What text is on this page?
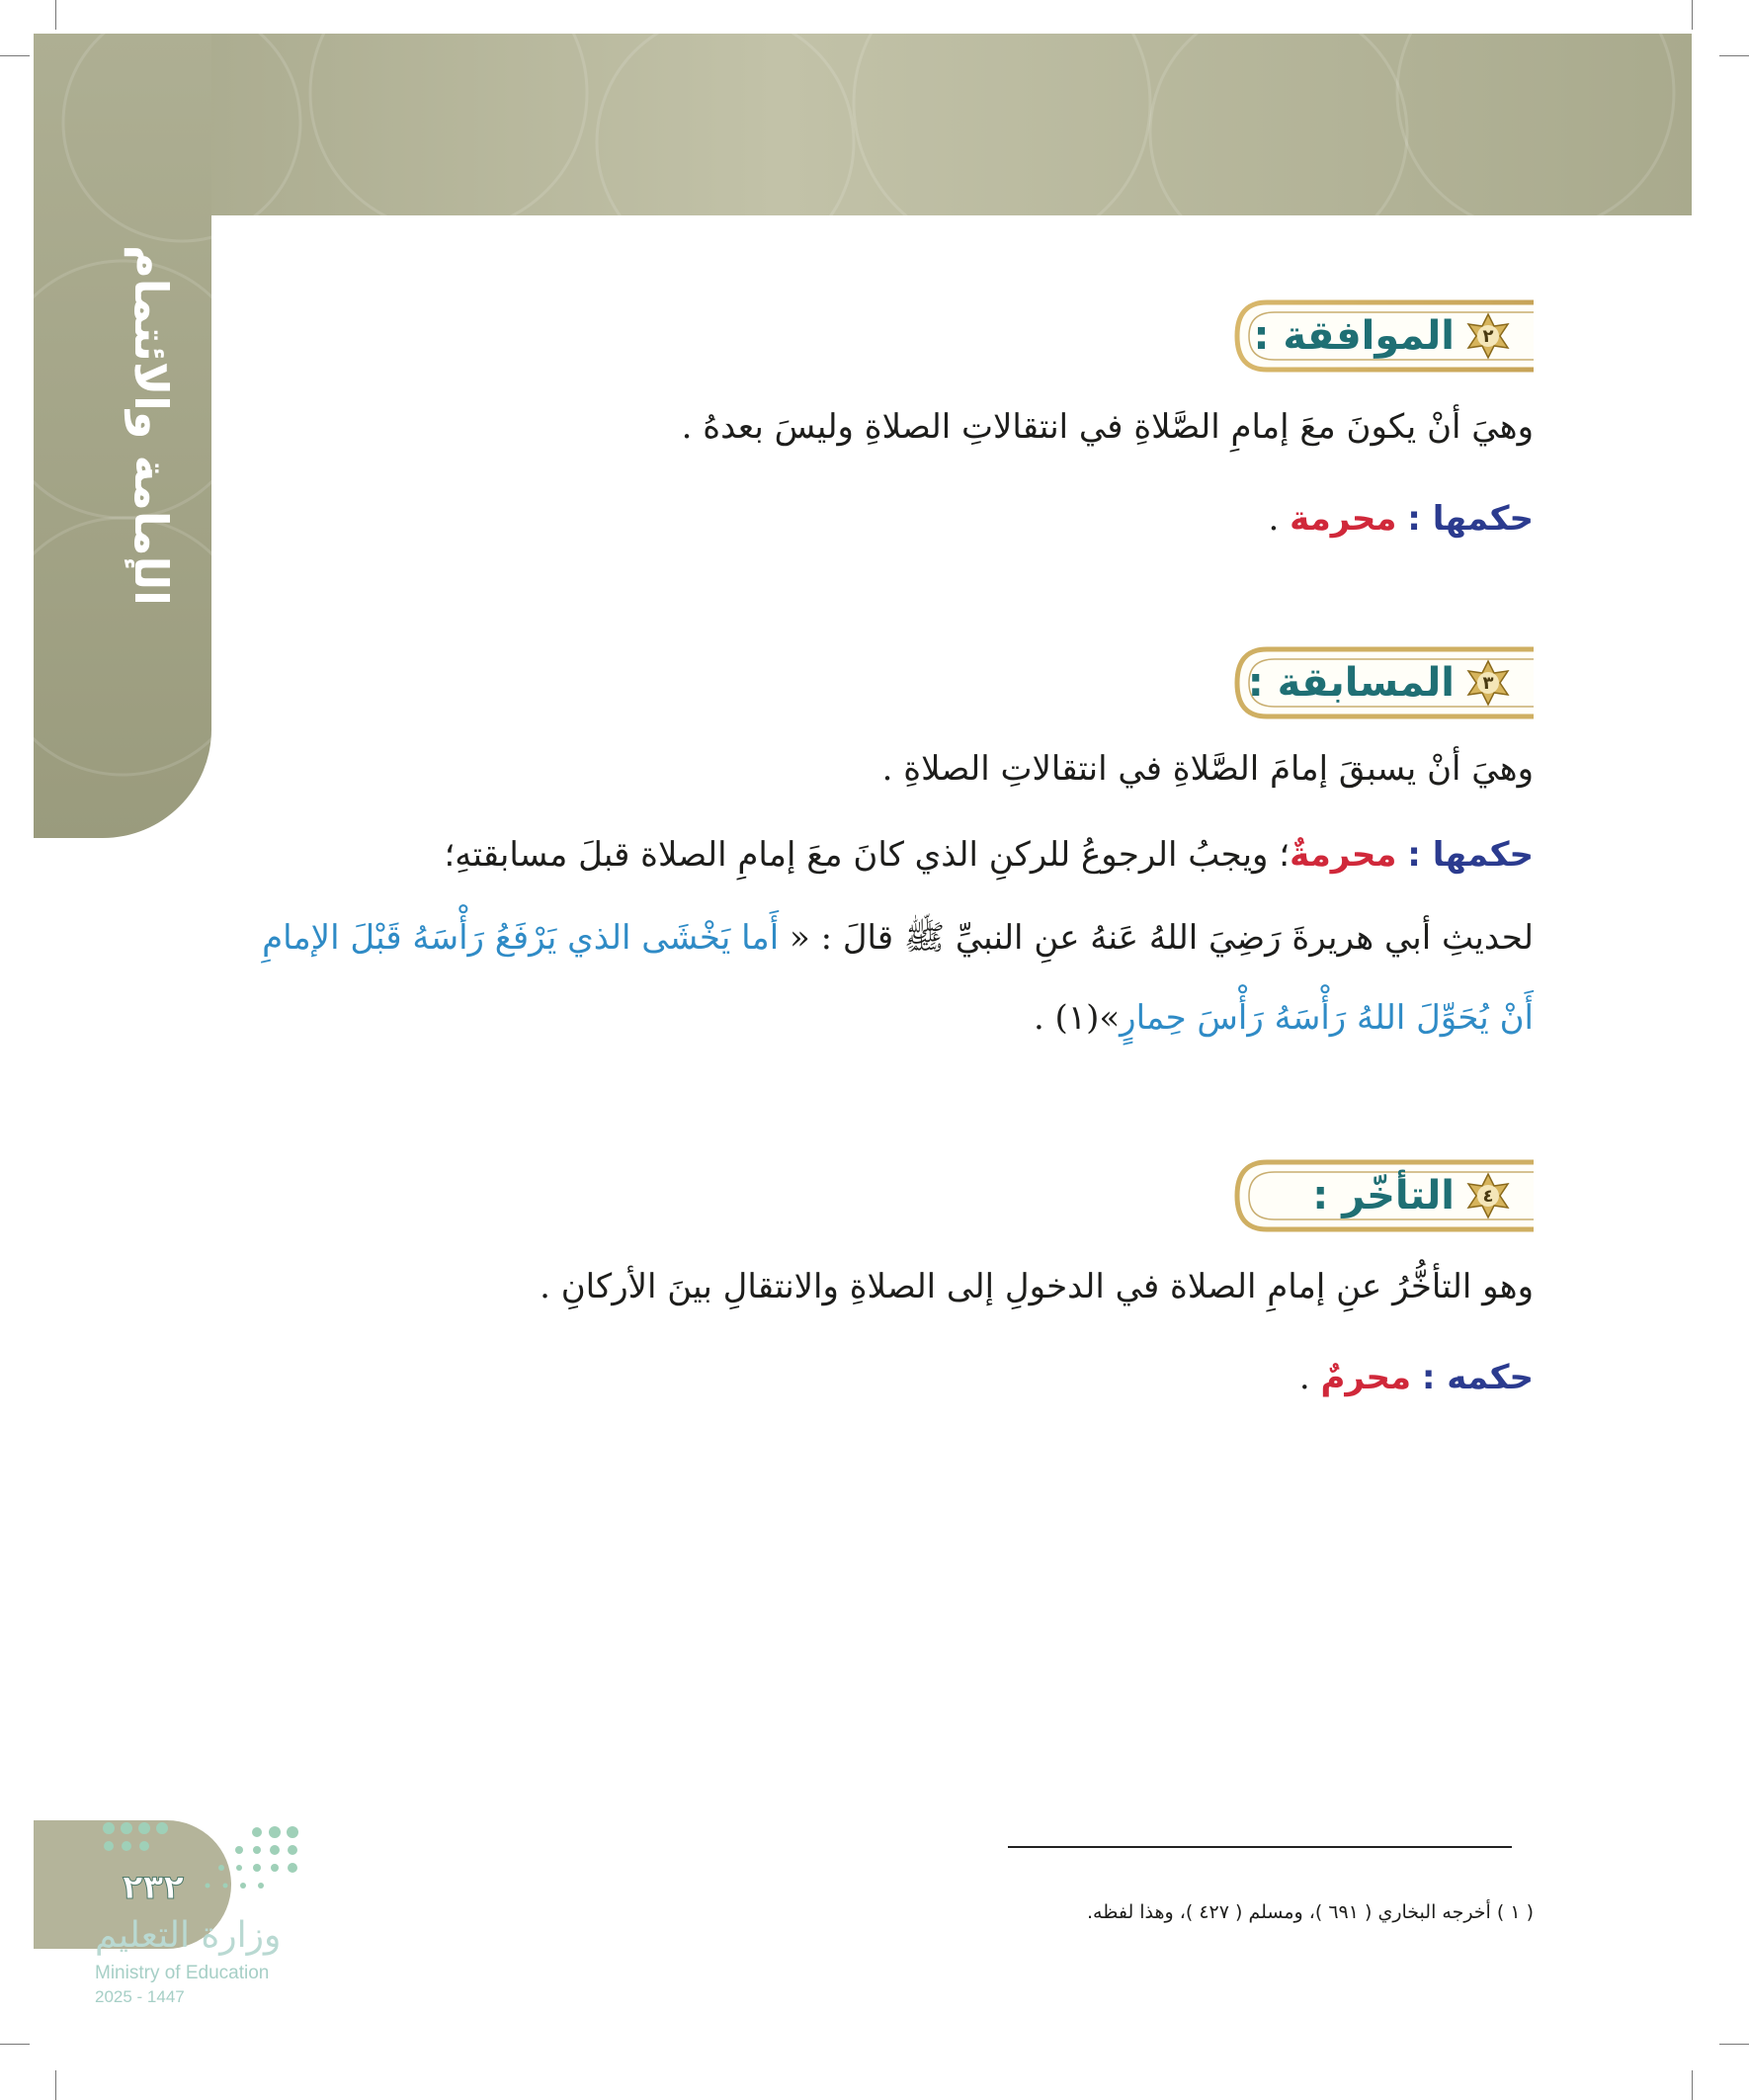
الإمامة والائتمام	٢
الموافقة :
وهيَ أنْ يكونَ معَ إمامِ الصَّلاةِ في انتقالاتِ الصلاةِ وليسَ بعدهُ .
حكمها : محرمة .
٣
المسابقة :
وهيَ أنْ يسبقَ إمامَ الصَّلاةِ في انتقالاتِ الصلاةِ .
حكمها : محرمةٌ؛ ويجبُ الرجوعُ للركنِ الذي كانَ معَ إمامِ الصلاة قبلَ مسابقتهِ؛
لحديثِ أبي هريرةَ رَضِيَ اللهُ عَنهُ عنِ النبيِّ ﷺ قالَ : « أَما يَخْشَى الذي يَرْفَعُ رَأْسَهُ قَبْلَ الإمامِ
أَنْ يُحَوِّلَ اللهُ رَأْسَهُ رَأْسَ حِمارٍ»(١) .
٤
التأخّر :
وهو التأخُّرُ عنِ إمامِ الصلاة في الدخولِ إلى الصلاةِ والانتقالِ بينَ الأركانِ .
حكمه : محرمٌ .
( ١ ) أخرجه البخاري ( ٦٩١ )، ومسلم ( ٤٢٧ )، وهذا لفظه.
٢٣٢
وزارة التعليم
Ministry of Education
2025 - 1447
